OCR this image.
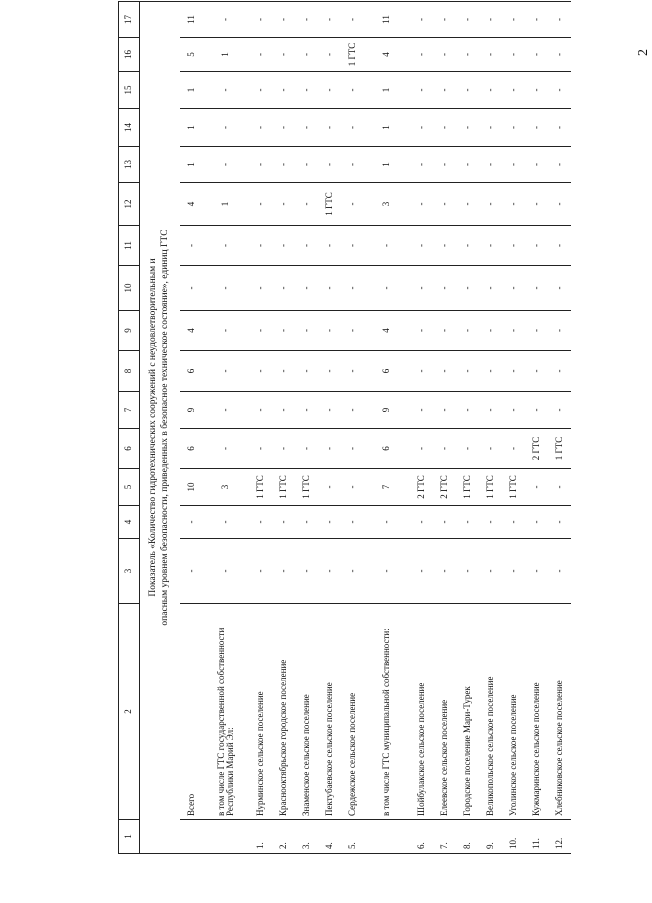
2
1	2	3	4	5	6	7	8	9	10	11	12	13	14	15	16	17

Показатель «Количество гидротехнических сооружений с неудовлетворительным и опасным уровнем безопасности, приведенных в безопасное техническое состояние», единиц ГТС																

	Всего	-	-	10	6	9	6	4	-	-	4	1	1	1	5	11
	в том числе ГТС государственной собственности Республики Марий Эл:	-	-	3	-	-	-	-	-	-	1	-	-	-	1	-
1.	Нурминское сельское поселение	-	-	1 ГТС	-	-	-	-	-	-	-	-	-	-	-	-
2.	Краснооктябрьское городское поселение	-	-	1 ГТС	-	-	-	-	-	-	-	-	-	-	-	-
3.	Знаменское сельское поселение	-	-	1 ГТС	-	-	-	-	-	-	-	-	-	-	-	-
4.	Пектубаевское сельское поселение	-	-	-	-	-	-	-	-	-	1 ГТС	-	-	-	-	-
5.	Сердежское сельское поселение	-	-	-	-	-	-	-	-	-	-	-	-	-	1 ГТС	-
	в том числе ГТС муниципальной собственности:	-	-	7	6	9	6	4	-	-	3	1	1	1	4	11
6.	Шойбулакское сельское поселение	-	-	2 ГТС	-	-	-	-	-	-	-	-	-	-	-	-
7.	Елеевское сельское поселение	-	-	2 ГТС	-	-	-	-	-	-	-	-	-	-	-	-
8.	Городское поселение Мари-Турек	-	-	1 ГТС	-	-	-	-	-	-	-	-	-	-	-	-
9.	Великопольское сельское поселение	-	-	1 ГТС	-	-	-	-	-	-	-	-	-	-	-	-
10.	Уголинское сельское поселение	-	-	1 ГТС	-	-	-	-	-	-	-	-	-	-	-	-
11.	Кужмаринское сельское поселение	-	-	-	2 ГТС	-	-	-	-	-	-	-	-	-	-	-
12.	Хлебниковское сельское поселение	-	-	-	1 ГТС	-	-	-	-	-	-	-	-	-	-	-
